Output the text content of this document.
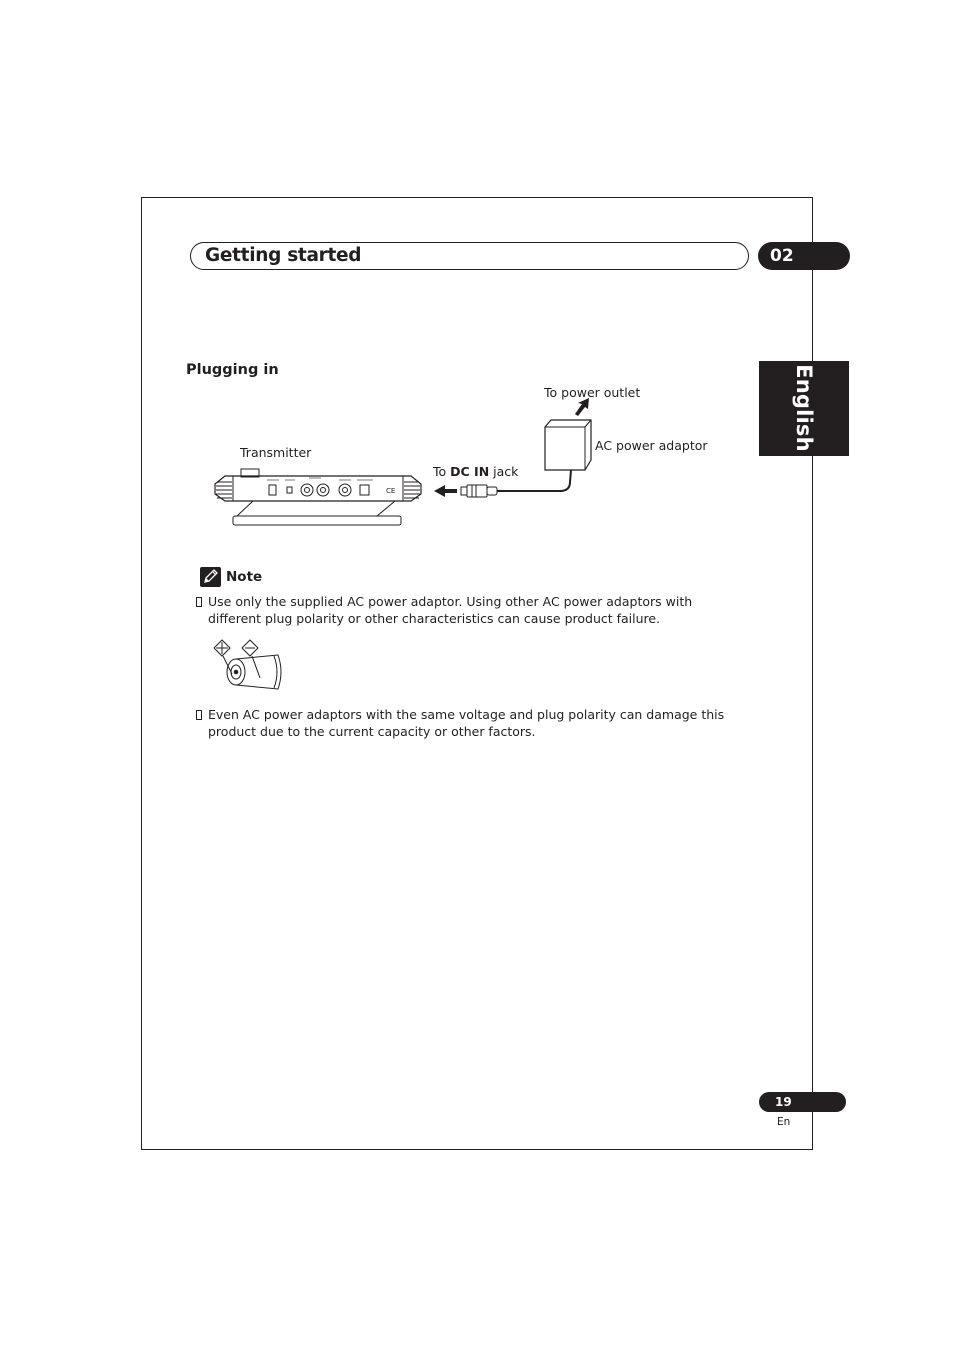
Getting started	02
English
Plugging in
CE
To power outlet
AC power adaptor
Transmitter
To DC IN jack
Note
Use only the supplied AC power adaptor. Using other AC power adaptors with different plug polarity or other characteristics can cause product failure.
Even AC power adaptors with the same voltage and plug polarity can damage this product due to the current capacity or other factors.
19
En
